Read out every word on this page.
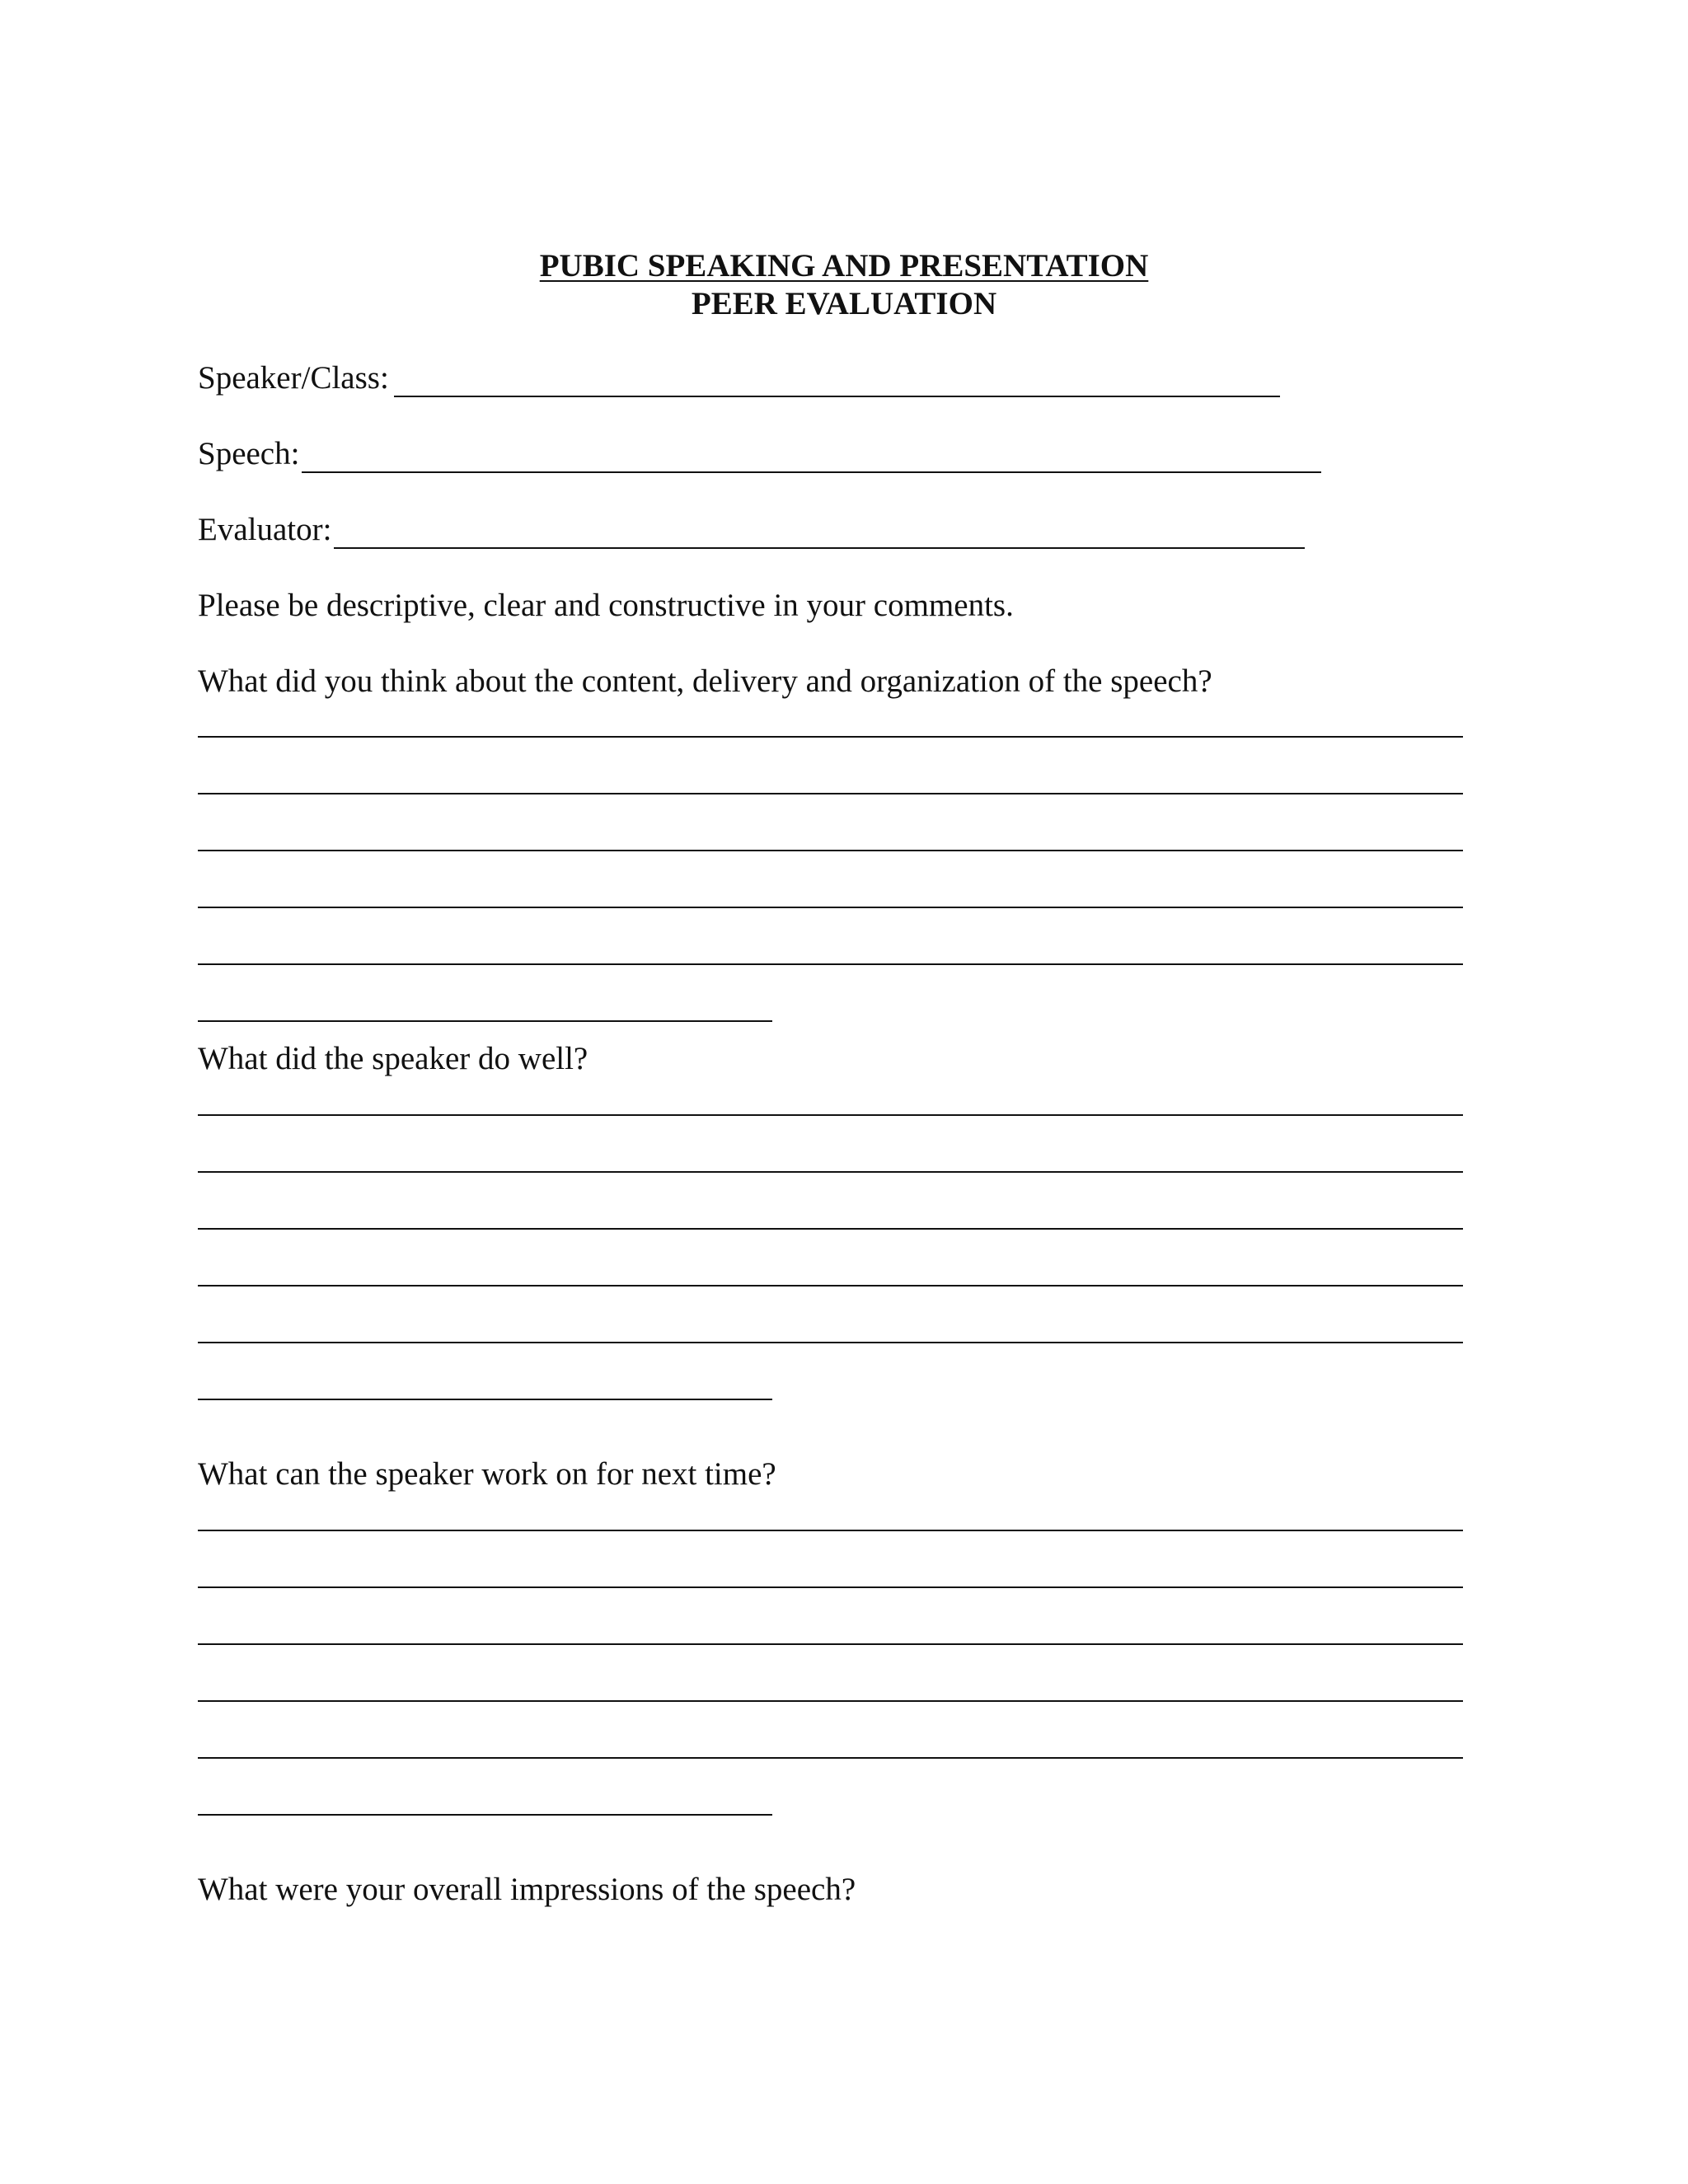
PUBIC SPEAKING AND PRESENTATION
PEER EVALUATION
Speaker/Class:
Speech:
Evaluator:
Please be descriptive, clear and constructive in your comments.
What did you think about the content, delivery and organization of the speech?
What did the speaker do well?
What can the speaker work on for next time?
What were your overall impressions of the speech?
